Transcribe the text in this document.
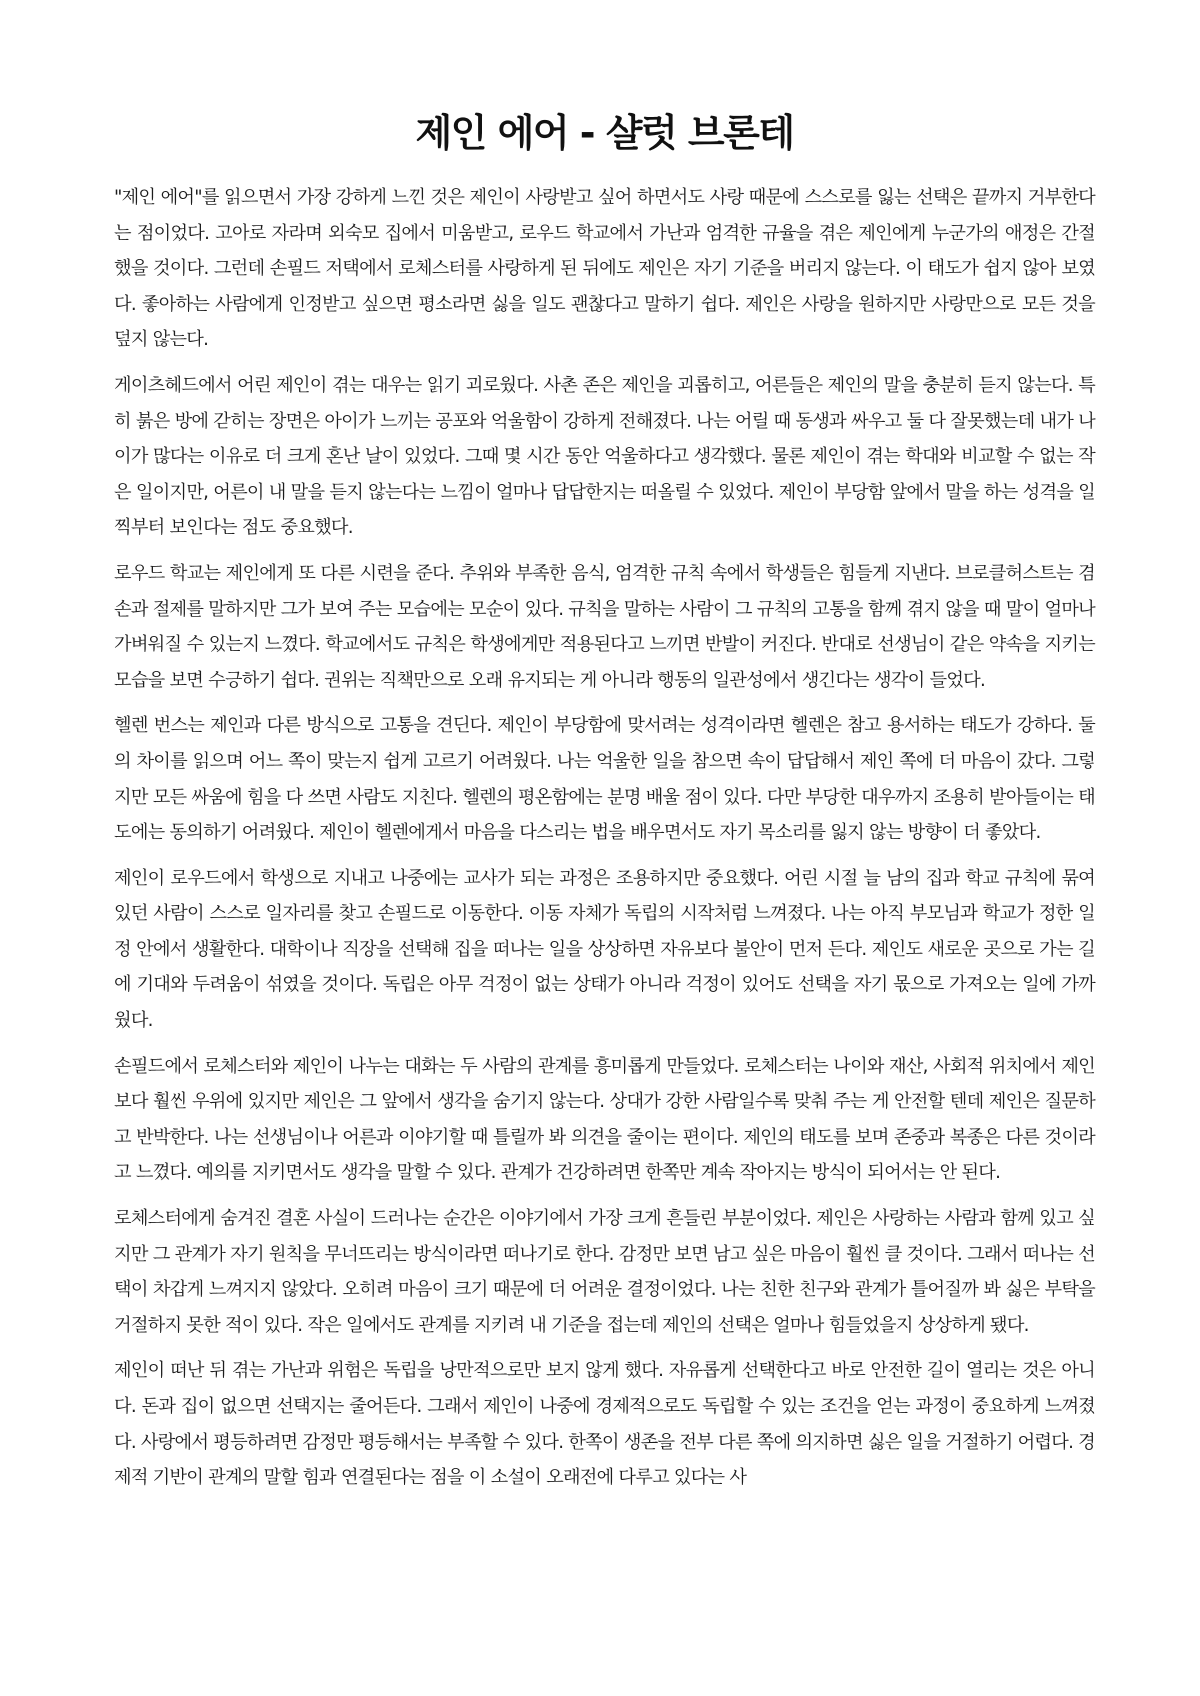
제인 에어 - 샬럿 브론테

"제인 에어"를 읽으면서 가장 강하게 느낀 것은 제인이 사랑받고 싶어 하면서도 사랑 때문에 스스로를 잃는 선택은 끝까지 거부한다는 점이었다. 고아로 자라며 외숙모 집에서 미움받고, 로우드 학교에서 가난과 엄격한 규율을 겪은 제인에게 누군가의 애정은 간절했을 것이다. 그런데 손필드 저택에서 로체스터를 사랑하게 된 뒤에도 제인은 자기 기준을 버리지 않는다. 이 태도가 쉽지 않아 보였다. 좋아하는 사람에게 인정받고 싶으면 평소라면 싫을 일도 괜찮다고 말하기 쉽다. 제인은 사랑을 원하지만 사랑만으로 모든 것을 덮지 않는다.

게이츠헤드에서 어린 제인이 겪는 대우는 읽기 괴로웠다. 사촌 존은 제인을 괴롭히고, 어른들은 제인의 말을 충분히 듣지 않는다. 특히 붉은 방에 갇히는 장면은 아이가 느끼는 공포와 억울함이 강하게 전해졌다. 나는 어릴 때 동생과 싸우고 둘 다 잘못했는데 내가 나이가 많다는 이유로 더 크게 혼난 날이 있었다. 그때 몇 시간 동안 억울하다고 생각했다. 물론 제인이 겪는 학대와 비교할 수 없는 작은 일이지만, 어른이 내 말을 듣지 않는다는 느낌이 얼마나 답답한지는 떠올릴 수 있었다. 제인이 부당함 앞에서 말을 하는 성격을 일찍부터 보인다는 점도 중요했다.

로우드 학교는 제인에게 또 다른 시련을 준다. 추위와 부족한 음식, 엄격한 규칙 속에서 학생들은 힘들게 지낸다. 브로클허스트는 겸손과 절제를 말하지만 그가 보여 주는 모습에는 모순이 있다. 규칙을 말하는 사람이 그 규칙의 고통을 함께 겪지 않을 때 말이 얼마나 가벼워질 수 있는지 느꼈다. 학교에서도 규칙은 학생에게만 적용된다고 느끼면 반발이 커진다. 반대로 선생님이 같은 약속을 지키는 모습을 보면 수긍하기 쉽다. 권위는 직책만으로 오래 유지되는 게 아니라 행동의 일관성에서 생긴다는 생각이 들었다.

헬렌 번스는 제인과 다른 방식으로 고통을 견딘다. 제인이 부당함에 맞서려는 성격이라면 헬렌은 참고 용서하는 태도가 강하다. 둘의 차이를 읽으며 어느 쪽이 맞는지 쉽게 고르기 어려웠다. 나는 억울한 일을 참으면 속이 답답해서 제인 쪽에 더 마음이 갔다. 그렇지만 모든 싸움에 힘을 다 쓰면 사람도 지친다. 헬렌의 평온함에는 분명 배울 점이 있다. 다만 부당한 대우까지 조용히 받아들이는 태도에는 동의하기 어려웠다. 제인이 헬렌에게서 마음을 다스리는 법을 배우면서도 자기 목소리를 잃지 않는 방향이 더 좋았다.

제인이 로우드에서 학생으로 지내고 나중에는 교사가 되는 과정은 조용하지만 중요했다. 어린 시절 늘 남의 집과 학교 규칙에 묶여 있던 사람이 스스로 일자리를 찾고 손필드로 이동한다. 이동 자체가 독립의 시작처럼 느껴졌다. 나는 아직 부모님과 학교가 정한 일정 안에서 생활한다. 대학이나 직장을 선택해 집을 떠나는 일을 상상하면 자유보다 불안이 먼저 든다. 제인도 새로운 곳으로 가는 길에 기대와 두려움이 섞였을 것이다. 독립은 아무 걱정이 없는 상태가 아니라 걱정이 있어도 선택을 자기 몫으로 가져오는 일에 가까웠다.

손필드에서 로체스터와 제인이 나누는 대화는 두 사람의 관계를 흥미롭게 만들었다. 로체스터는 나이와 재산, 사회적 위치에서 제인보다 훨씬 우위에 있지만 제인은 그 앞에서 생각을 숨기지 않는다. 상대가 강한 사람일수록 맞춰 주는 게 안전할 텐데 제인은 질문하고 반박한다. 나는 선생님이나 어른과 이야기할 때 틀릴까 봐 의견을 줄이는 편이다. 제인의 태도를 보며 존중과 복종은 다른 것이라고 느꼈다. 예의를 지키면서도 생각을 말할 수 있다. 관계가 건강하려면 한쪽만 계속 작아지는 방식이 되어서는 안 된다.

로체스터에게 숨겨진 결혼 사실이 드러나는 순간은 이야기에서 가장 크게 흔들린 부분이었다. 제인은 사랑하는 사람과 함께 있고 싶지만 그 관계가 자기 원칙을 무너뜨리는 방식이라면 떠나기로 한다. 감정만 보면 남고 싶은 마음이 훨씬 클 것이다. 그래서 떠나는 선택이 차갑게 느껴지지 않았다. 오히려 마음이 크기 때문에 더 어려운 결정이었다. 나는 친한 친구와 관계가 틀어질까 봐 싫은 부탁을 거절하지 못한 적이 있다. 작은 일에서도 관계를 지키려 내 기준을 접는데 제인의 선택은 얼마나 힘들었을지 상상하게 됐다.

제인이 떠난 뒤 겪는 가난과 위험은 독립을 낭만적으로만 보지 않게 했다. 자유롭게 선택한다고 바로 안전한 길이 열리는 것은 아니다. 돈과 집이 없으면 선택지는 줄어든다. 그래서 제인이 나중에 경제적으로도 독립할 수 있는 조건을 얻는 과정이 중요하게 느껴졌다. 사랑에서 평등하려면 감정만 평등해서는 부족할 수 있다. 한쪽이 생존을 전부 다른 쪽에 의지하면 싫은 일을 거절하기 어렵다. 경제적 기반이 관계의 말할 힘과 연결된다는 점을 이 소설이 오래전에 다루고 있다는 사
